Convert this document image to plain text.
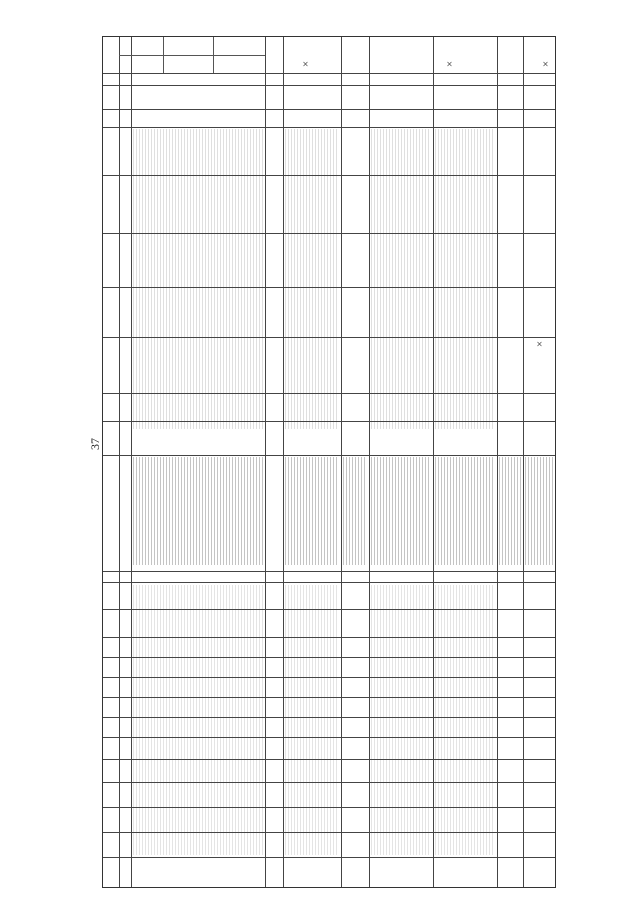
37
×	×	×
×
